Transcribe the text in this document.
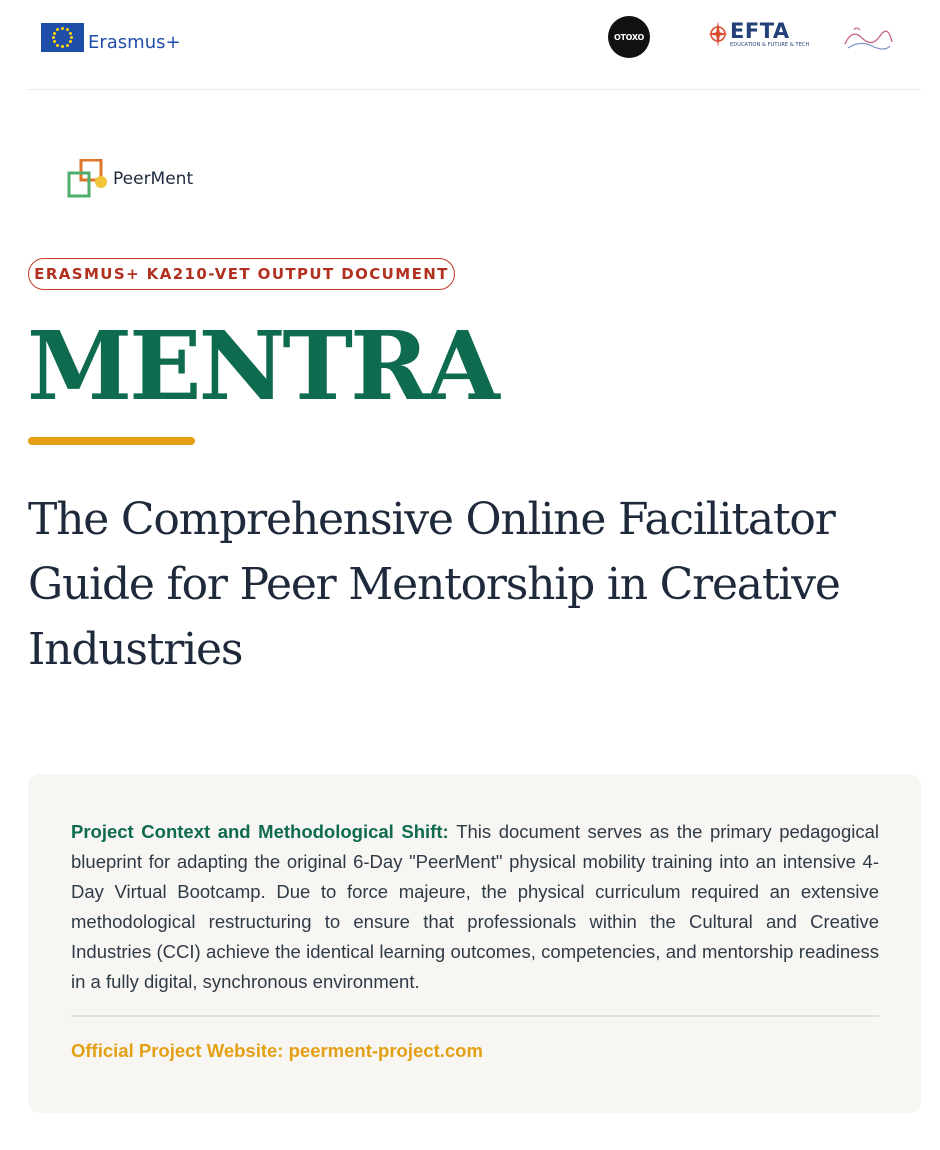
Erasmus+	OTOXO	EFTA
EDUCATION & FUTURE & TECH
PeerMent
ERASMUS+ KA210-VET OUTPUT DOCUMENT
MENTRA
The Comprehensive Online Facilitator Guide for Peer Mentorship in Creative Industries
Project Context and Methodological Shift: This document serves as the primary pedagogical blueprint for adapting the original 6-Day "PeerMent" physical mobility training into an intensive 4-Day Virtual Bootcamp. Due to force majeure, the physical curriculum required an extensive methodological restructuring to ensure that professionals within the Cultural and Creative Industries (CCI) achieve the identical learning outcomes, competencies, and mentorship readiness in a fully digital, synchronous environment.
Official Project Website: peerment-project.com
